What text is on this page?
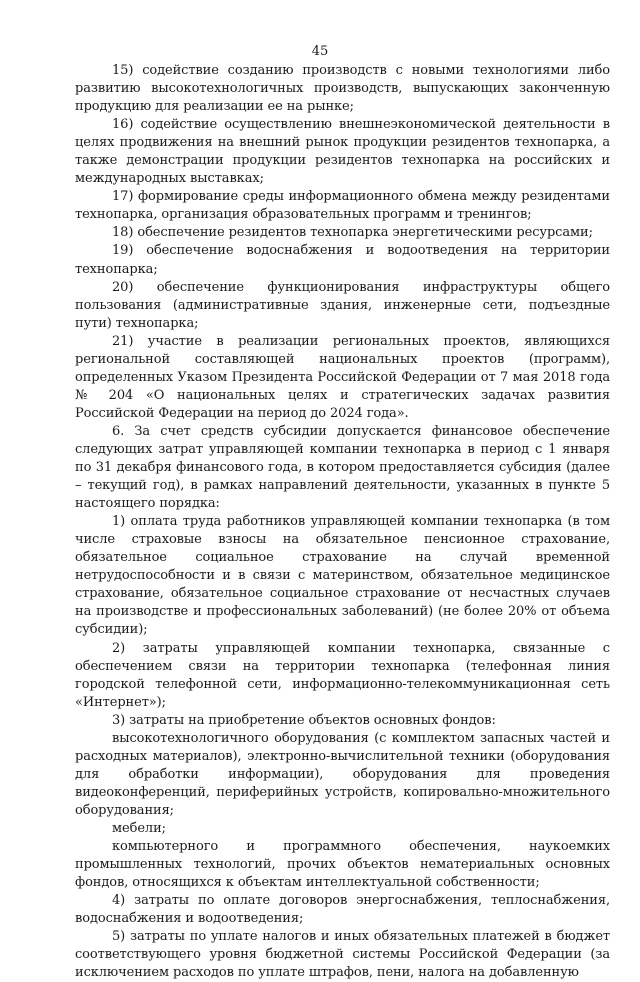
45

15) содействие созданию производств с новыми технологиями либо развитию высокотехнологичных производств, выпускающих законченную продукцию для реализации ее на рынке;

16) содействие осуществлению внешнеэкономической деятельности в целях продвижения на внешний рынок продукции резидентов технопарка, а также демонстрации продукции резидентов технопарка на российских и международных выставках;

17) формирование среды информационного обмена между резидентами технопарка, организация образовательных программ и тренингов;

18) обеспечение резидентов технопарка энергетическими ресурсами;

19) обеспечение водоснабжения и водоотведения на территории технопарка;

20) обеспечение функционирования инфраструктуры общего пользования (административные здания, инженерные сети, подъездные пути) технопарка;

21) участие в реализации региональных проектов, являющихся региональной составляющей национальных проектов (программ), определенных Указом Президента Российской Федерации от 7 мая 2018 года № 204 «О национальных целях и стратегических задачах развития Российской Федерации на период до 2024 года».

6. За счет средств субсидии допускается финансовое обеспечение следующих затрат управляющей компании технопарка в период с 1 января по 31 декабря финансового года, в котором предоставляется субсидия (далее – текущий год), в рамках направлений деятельности, указанных в пункте 5 настоящего порядка:

1) оплата труда работников управляющей компании технопарка (в том числе страховые взносы на обязательное пенсионное страхование, обязательное социальное страхование на случай временной нетрудоспособности и в связи с материнством, обязательное медицинское страхование, обязательное социальное страхование от несчастных случаев на производстве и профессиональных заболеваний) (не более 20% от объема субсидии);

2) затраты управляющей компании технопарка, связанные с обеспечением связи на территории технопарка (телефонная линия городской телефонной сети, информационно-телекоммуникационная сеть «Интернет»);

3) затраты на приобретение объектов основных фондов:

высокотехнологичного оборудования (с комплектом запасных частей и расходных материалов), электронно-вычислительной техники (оборудования для обработки информации), оборудования для проведения видеоконференций, периферийных устройств, копировально-множительного оборудования;

мебели;

компьютерного и программного обеспечения, наукоемких промышленных технологий, прочих объектов нематериальных основных фондов, относящихся к объектам интеллектуальной собственности;

4) затраты по оплате договоров энергоснабжения, теплоснабжения, водоснабжения и водоотведения;

5) затраты по уплате налогов и иных обязательных платежей в бюджет соответствующего уровня бюджетной системы Российской Федерации (за исключением расходов по уплате штрафов, пени, налога на добавленную
